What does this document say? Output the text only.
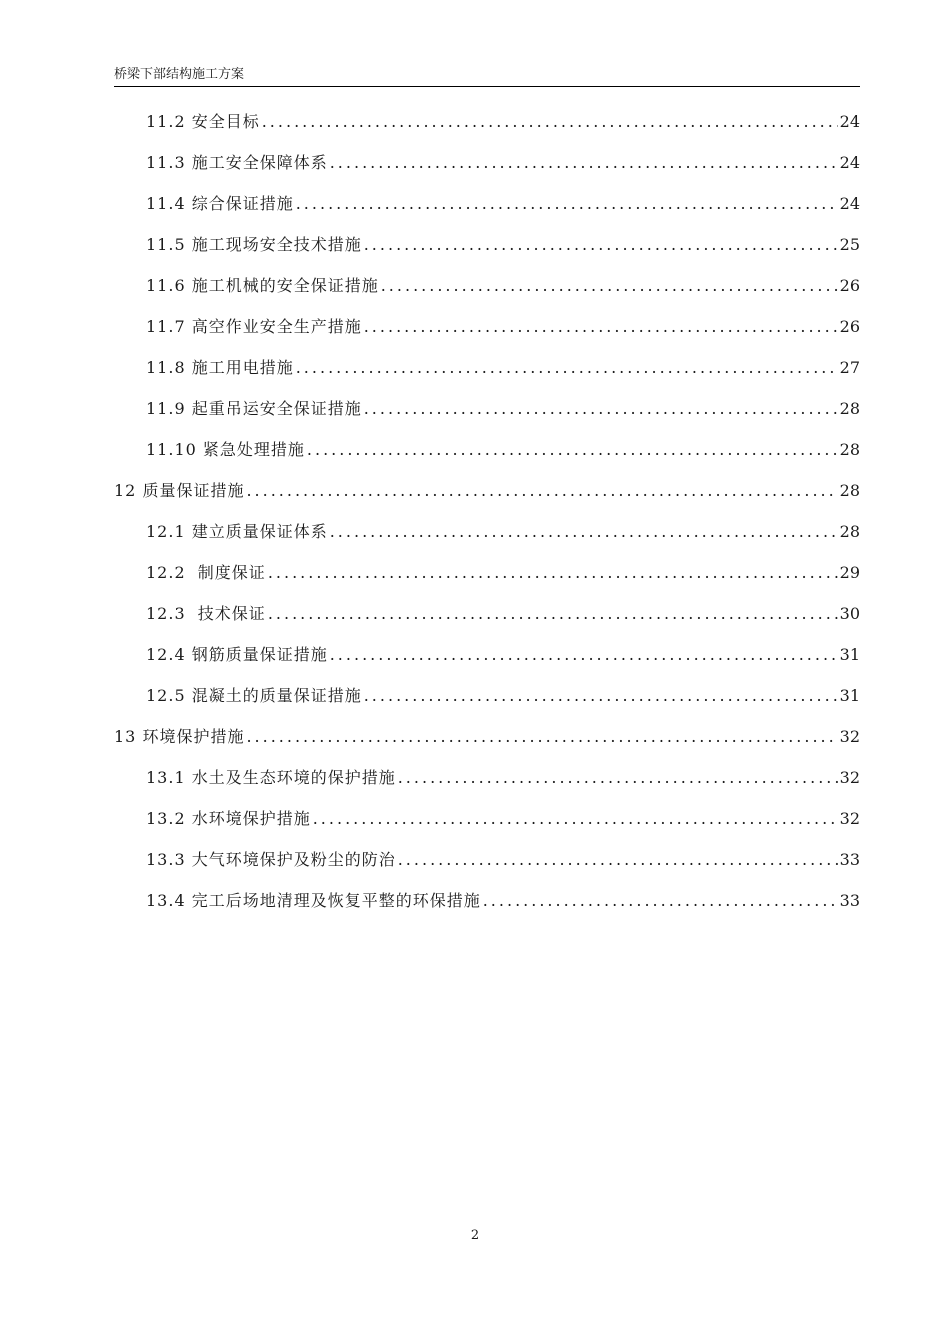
桥梁下部结构施工方案
11.2 安全目标 .....	24
11.3 施工安全保障体系 .....	24
11.4 综合保证措施 .....	24
11.5 施工现场安全技术措施 .....	25
11.6 施工机械的安全保证措施 .....	26
11.7 高空作业安全生产措施 .....	26
11.8 施工用电措施 .....	27
11.9 起重吊运安全保证措施 .....	28
11.10 紧急处理措施 .....	28
12 质量保证措施 .....	28
12.1 建立质量保证体系 .....	28
12.2  制度保证 .....	29
12.3  技术保证 .....	30
12.4 钢筋质量保证措施 .....	31
12.5 混凝土的质量保证措施 .....	31
13 环境保护措施 .....	32
13.1 水土及生态环境的保护措施 .....	32
13.2 水环境保护措施 .....	32
13.3 大气环境保护及粉尘的防治 .....	33
13.4 完工后场地清理及恢复平整的环保措施 .....	33
2
